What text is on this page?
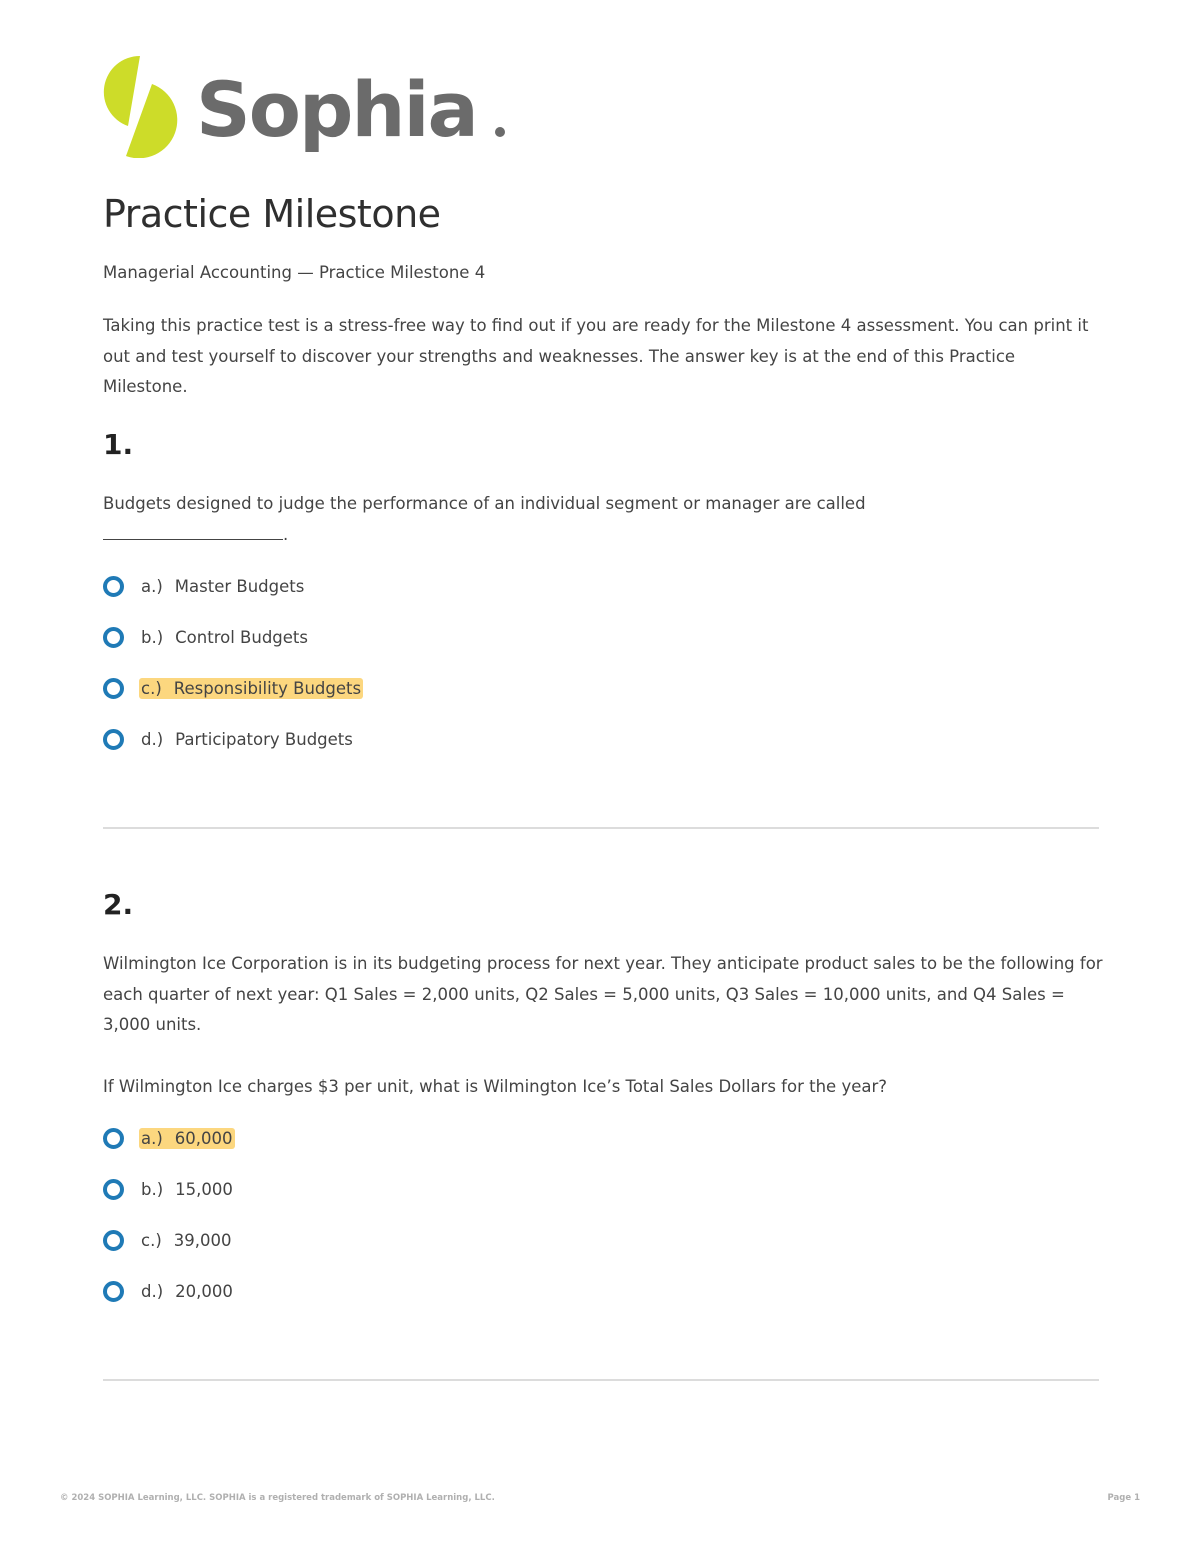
Sophia
Practice Milestone

Managerial Accounting — Practice Milestone 4

Taking this practice test is a stress-free way to find out if you are ready for the Milestone 4 assessment. You can print it out and test yourself to discover your strengths and weaknesses. The answer key is at the end of this Practice Milestone.

1.

Budgets designed to judge the performance of an individual segment or manager are called
.

a.) Master Budgets
b.) Control Budgets
c.) Responsibility Budgets
d.) Participatory Budgets
2.

Wilmington Ice Corporation is in its budgeting process for next year. They anticipate product sales to be the following for each quarter of next year: Q1 Sales = 2,000 units, Q2 Sales = 5,000 units, Q3 Sales = 10,000 units, and Q4 Sales = 3,000 units.

If Wilmington Ice charges $3 per unit, what is Wilmington Ice’s Total Sales Dollars for the year?

a.) 60,000
b.) 15,000
c.) 39,000
d.) 20,000
© 2024 SOPHIA Learning, LLC. SOPHIA is a registered trademark of SOPHIA Learning, LLC.	Page 1
